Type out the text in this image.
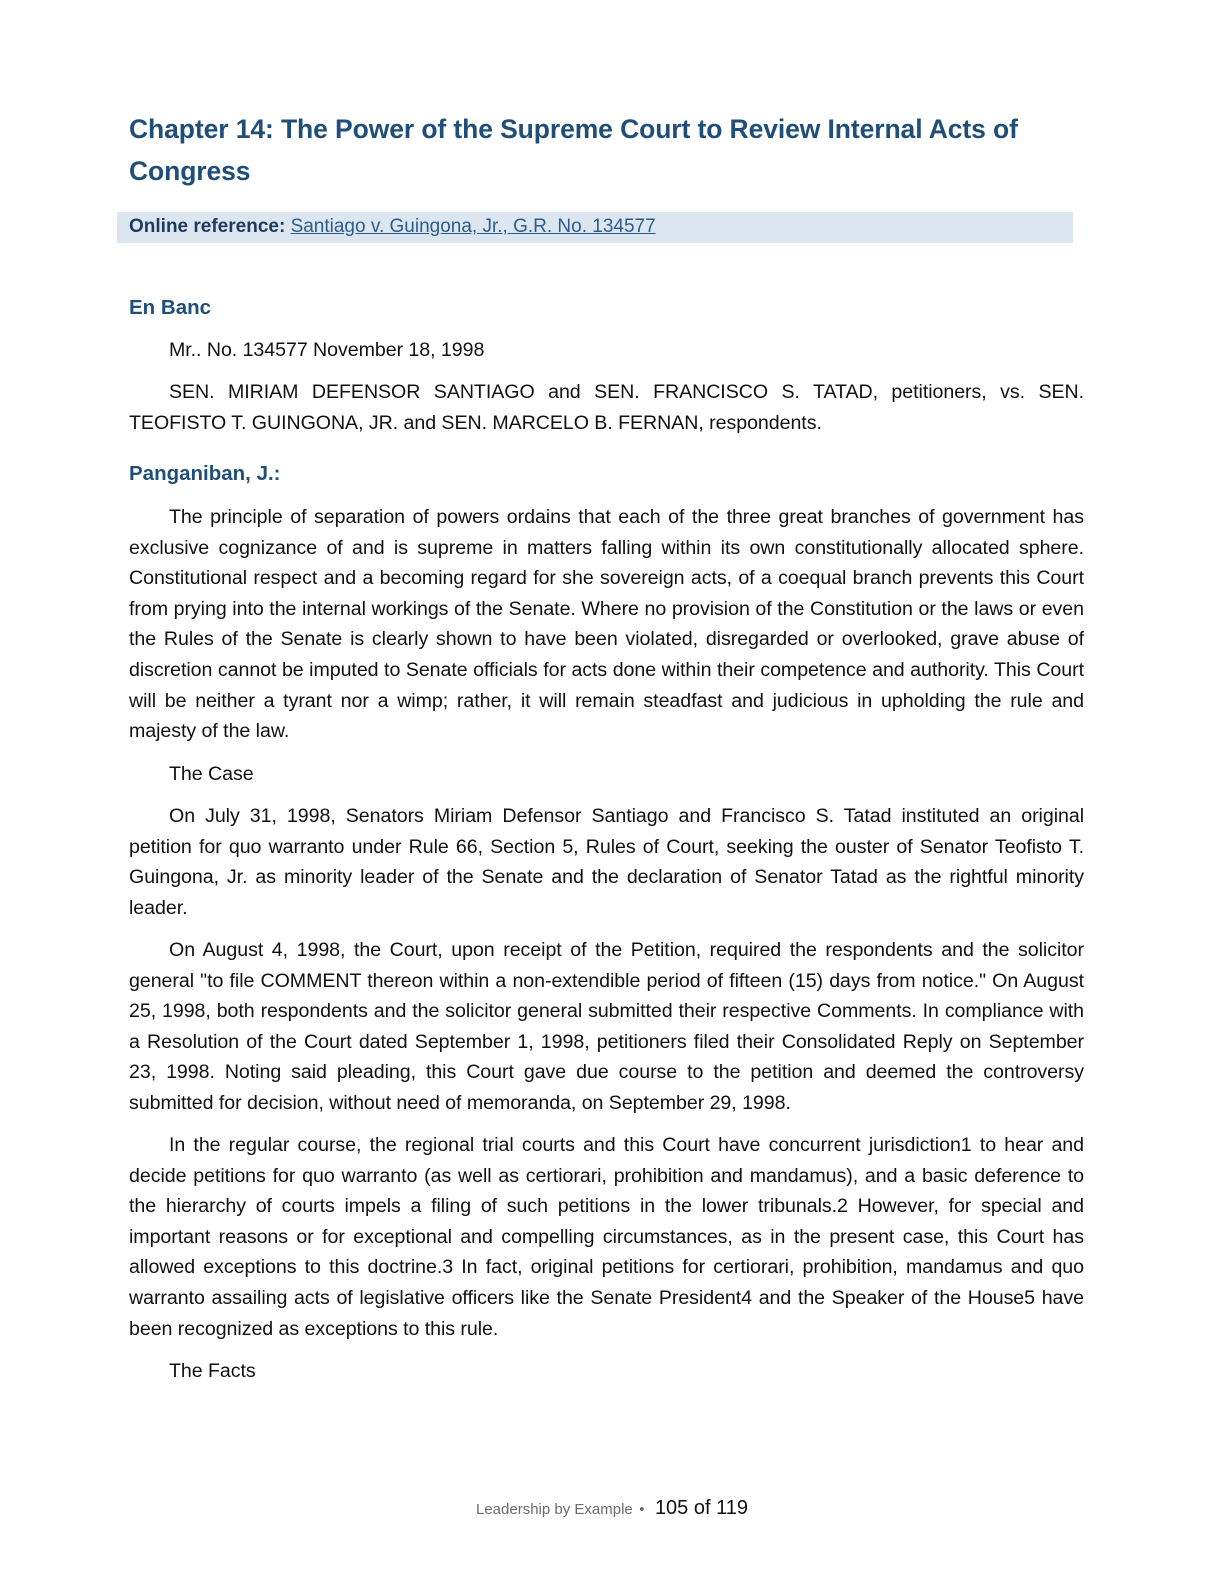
Chapter 14: The Power of the Supreme Court to Review Internal Acts of Congress
Online reference: Santiago v. Guingona, Jr., G.R. No. 134577
En Banc

Mr.. No. 134577 November 18, 1998

SEN. MIRIAM DEFENSOR SANTIAGO and SEN. FRANCISCO S. TATAD, petitioners, vs. SEN. TEOFISTO T. GUINGONA, JR. and SEN. MARCELO B. FERNAN, respondents.

Panganiban, J.:

The principle of separation of powers ordains that each of the three great branches of government has exclusive cognizance of and is supreme in matters falling within its own constitutionally allocated sphere. Constitutional respect and a becoming regard for she sovereign acts, of a coequal branch prevents this Court from prying into the internal workings of the Senate. Where no provision of the Constitution or the laws or even the Rules of the Senate is clearly shown to have been violated, disregarded or overlooked, grave abuse of discretion cannot be imputed to Senate officials for acts done within their competence and authority. This Court will be neither a tyrant nor a wimp; rather, it will remain steadfast and judicious in upholding the rule and majesty of the law.

The Case

On July 31, 1998, Senators Miriam Defensor Santiago and Francisco S. Tatad instituted an original petition for quo warranto under Rule 66, Section 5, Rules of Court, seeking the ouster of Senator Teofisto T. Guingona, Jr. as minority leader of the Senate and the declaration of Senator Tatad as the rightful minority leader.

On August 4, 1998, the Court, upon receipt of the Petition, required the respondents and the solicitor general "to file COMMENT thereon within a non-extendible period of fifteen (15) days from notice." On August 25, 1998, both respondents and the solicitor general submitted their respective Comments. In compliance with a Resolution of the Court dated September 1, 1998, petitioners filed their Consolidated Reply on September 23, 1998. Noting said pleading, this Court gave due course to the petition and deemed the controversy submitted for decision, without need of memoranda, on September 29, 1998.

In the regular course, the regional trial courts and this Court have concurrent jurisdiction1 to hear and decide petitions for quo warranto (as well as certiorari, prohibition and mandamus), and a basic deference to the hierarchy of courts impels a filing of such petitions in the lower tribunals.2 However, for special and important reasons or for exceptional and compelling circumstances, as in the present case, this Court has allowed exceptions to this doctrine.3 In fact, original petitions for certiorari, prohibition, mandamus and quo warranto assailing acts of legislative officers like the Senate President4 and the Speaker of the House5 have been recognized as exceptions to this rule.

The Facts

Leadership by Example • 105 of 119
